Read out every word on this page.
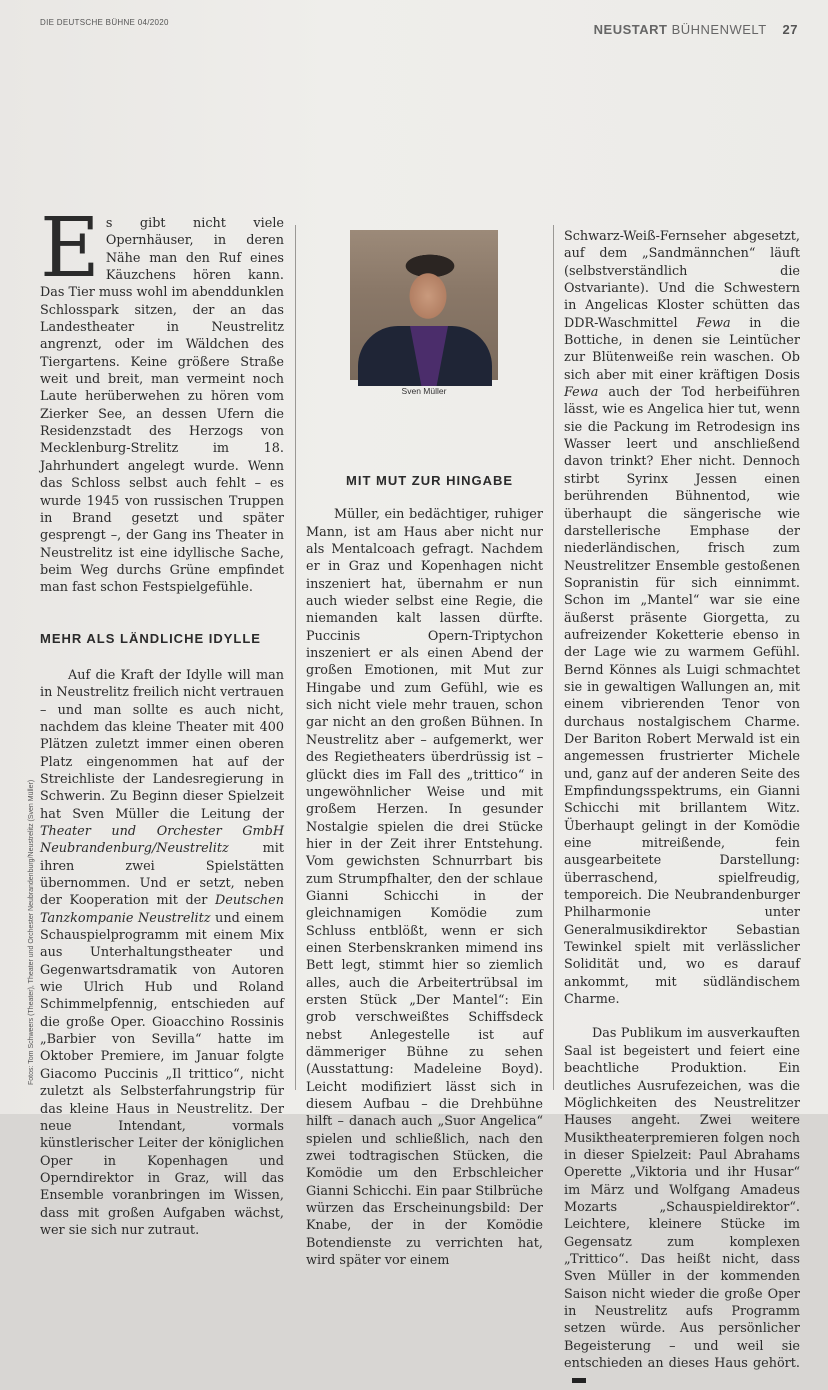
DIE DEUTSCHE BÜHNE 04/2020	NEUSTART BÜHNENWELT 27

Es gibt nicht viele Opernhäuser, in deren Nähe man den Ruf eines Käuzchens hören kann. Das Tier muss wohl im abenddunklen Schlosspark sitzen, der an das Landestheater in Neustrelitz angrenzt, oder im Wäldchen des Tiergartens. Keine größere Straße weit und breit, man vermeint noch Laute herüberwehen zu hören vom Zierker See, an dessen Ufern die Residenzstadt des Herzogs von Mecklenburg-Strelitz im 18. Jahrhundert angelegt wurde. Wenn das Schloss selbst auch fehlt – es wurde 1945 von russischen Truppen in Brand gesetzt und später gesprengt –, der Gang ins Theater in Neustrelitz ist eine idyllische Sache, beim Weg durchs Grüne empfindet man fast schon Festspielgefühle.

MEHR ALS LÄNDLICHE IDYLLE

Auf die Kraft der Idylle will man in Neustrelitz freilich nicht vertrauen – und man sollte es auch nicht, nachdem das kleine Theater mit 400 Plätzen zuletzt immer einen oberen Platz eingenommen hat auf der Streichliste der Landesregierung in Schwerin. Zu Beginn dieser Spielzeit hat Sven Müller die Leitung der Theater und Orchester GmbH Neubrandenburg/Neustrelitz mit ihren zwei Spielstätten übernommen. Und er setzt, neben der Kooperation mit der Deutschen Tanzkompanie Neustrelitz und einem Schauspielprogramm mit einem Mix aus Unterhaltungstheater und Gegenwartsdramatik von Autoren wie Ulrich Hub und Roland Schimmelpfennig, entschieden auf die große Oper. Gioacchino Rossinis „Barbier von Sevilla“ hatte im Oktober Premiere, im Januar folgte Giacomo Puccinis „Il trittico“, nicht zuletzt als Selbsterfahrungstrip für das kleine Haus in Neustrelitz. Der neue Intendant, vormals künstlerischer Leiter der königlichen Oper in Kopenhagen und Operndirektor in Graz, will das Ensemble voranbringen im Wissen, dass mit großen Aufgaben wächst, wer sie sich nur zutraut.

Sven Müller

MIT MUT ZUR HINGABE

Müller, ein bedächtiger, ruhiger Mann, ist am Haus aber nicht nur als Mentalcoach gefragt. Nachdem er in Graz und Kopenhagen nicht inszeniert hat, übernahm er nun auch wieder selbst eine Regie, die niemanden kalt lassen dürfte. Puccinis Opern-Triptychon inszeniert er als einen Abend der großen Emotionen, mit Mut zur Hingabe und zum Gefühl, wie es sich nicht viele mehr trauen, schon gar nicht an den großen Bühnen. In Neustrelitz aber – aufgemerkt, wer des Regietheaters überdrüssig ist – glückt dies im Fall des „trittico“ in ungewöhnlicher Weise und mit großem Herzen. In gesunder Nostalgie spielen die drei Stücke hier in der Zeit ihrer Entstehung. Vom gewichsten Schnurrbart bis zum Strumpfhalter, den der schlaue Gianni Schicchi in der gleichnamigen Komödie zum Schluss entblößt, wenn er sich einen Sterbenskranken mimend ins Bett legt, stimmt hier so ziemlich alles, auch die Arbeitertrübsal im ersten Stück „Der Mantel“: Ein grob verschweißtes Schiffsdeck nebst Anlegestelle ist auf dämmeriger Bühne zu sehen (Ausstattung: Madeleine Boyd). Leicht modifiziert lässt sich in diesem Aufbau – die Drehbühne hilft – danach auch „Suor Angelica“ spielen und schließlich, nach den zwei todtragischen Stücken, die Komödie um den Erbschleicher Gianni Schicchi. Ein paar Stilbrüche würzen das Erscheinungsbild: Der Knabe, der in der Komödie Botendienste zu verrichten hat, wird später vor einem

Schwarz-Weiß-Fernseher abgesetzt, auf dem „Sandmännchen“ läuft (selbstverständlich die Ostvariante). Und die Schwestern in Angelicas Kloster schütten das DDR-Waschmittel Fewa in die Bottiche, in denen sie Leintücher zur Blütenweiße rein waschen. Ob sich aber mit einer kräftigen Dosis Fewa auch der Tod herbeiführen lässt, wie es Angelica hier tut, wenn sie die Packung im Retrodesign ins Wasser leert und anschließend davon trinkt? Eher nicht. Dennoch stirbt Syrinx Jessen einen berührenden Bühnentod, wie überhaupt die sängerische wie darstellerische Emphase der niederländischen, frisch zum Neustrelitzer Ensemble gestoßenen Sopranistin für sich einnimmt. Schon im „Mantel“ war sie eine äußerst präsente Giorgetta, zu aufreizender Koketterie ebenso in der Lage wie zu warmem Gefühl. Bernd Könnes als Luigi schmachtet sie in gewaltigen Wallungen an, mit einem vibrierenden Tenor von durchaus nostalgischem Charme. Der Bariton Robert Merwald ist ein angemessen frustrierter Michele und, ganz auf der anderen Seite des Empfindungsspektrums, ein Gianni Schicchi mit brillantem Witz. Überhaupt gelingt in der Komödie eine mitreißende, fein ausgearbeitete Darstellung: überraschend, spielfreudig, temporeich. Die Neubrandenburger Philharmonie unter Generalmusikdirektor Sebastian Tewinkel spielt mit verlässlicher Solidität und, wo es darauf ankommt, mit südländischem Charme.

Das Publikum im ausverkauften Saal ist begeistert und feiert eine beachtliche Produktion. Ein deutliches Ausrufezeichen, was die Möglichkeiten des Neustrelitzer Hauses angeht. Zwei weitere Musiktheaterpremieren folgen noch in dieser Spielzeit: Paul Abrahams Operette „Viktoria und ihr Husar“ im März und Wolfgang Amadeus Mozarts „Schauspieldirektor“. Leichtere, kleinere Stücke im Gegensatz zum komplexen „Trittico“. Das heißt nicht, dass Sven Müller in der kommenden Saison nicht wieder die große Oper in Neustrelitz aufs Programm setzen würde. Aus persönlicher Begeisterung – und weil sie entschieden an dieses Haus gehört.

Fotos: Tom Schweers (Theater), Theater und Orchester Neubrandenburg/Neustrelitz (Sven Müller)
